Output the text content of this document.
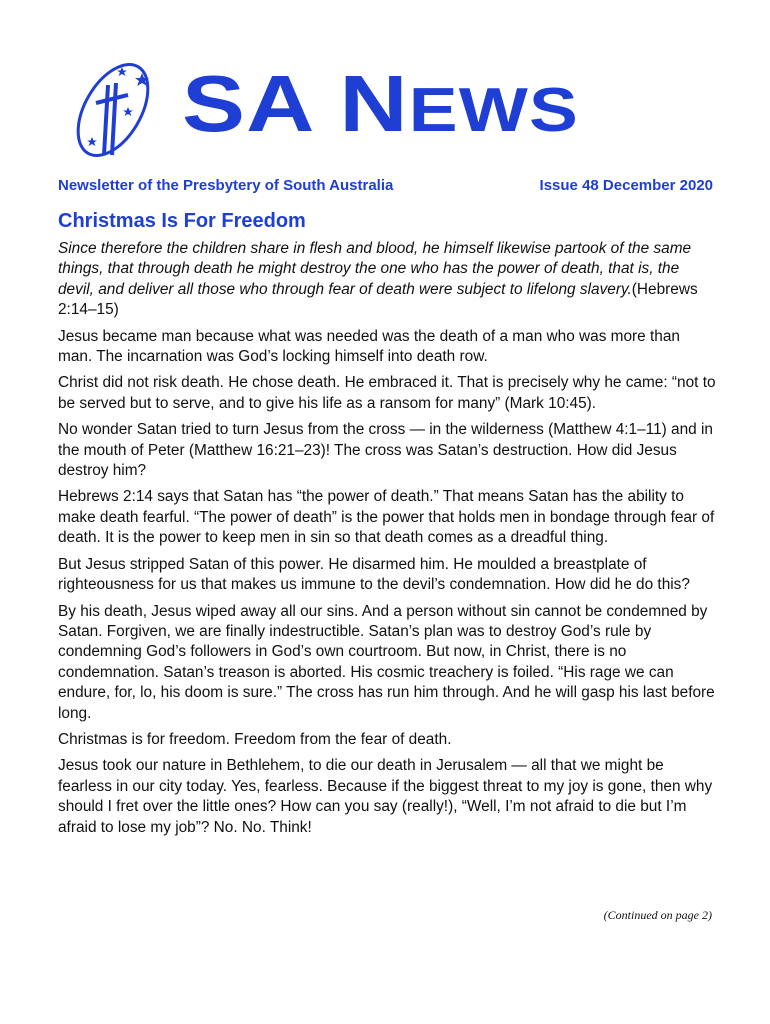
SA NEWS
Newsletter of the Presbytery of South Australia	Issue 48 December 2020
Christmas Is For Freedom

Since therefore the children share in flesh and blood, he himself likewise partook of the same things, that through death he might destroy the one who has the power of death, that is, the devil, and deliver all those who through fear of death were subject to lifelong slavery.(Hebrews 2:14–15)

Jesus became man because what was needed was the death of a man who was more than man. The incarnation was God’s locking himself into death row.

Christ did not risk death. He chose death. He embraced it. That is precisely why he came: “not to be served but to serve, and to give his life as a ransom for many” (Mark 10:45).

No wonder Satan tried to turn Jesus from the cross — in the wilderness (Matthew 4:1–11) and in the mouth of Peter (Matthew 16:21–23)! The cross was Satan’s destruction. How did Jesus destroy him?

Hebrews 2:14 says that Satan has “the power of death.” That means Satan has the ability to make death fearful. “The power of death” is the power that holds men in bondage through fear of death. It is the power to keep men in sin so that death comes as a dreadful thing.

But Jesus stripped Satan of this power. He disarmed him. He moulded a breastplate of righteousness for us that makes us immune to the devil’s condemnation. How did he do this?

By his death, Jesus wiped away all our sins. And a person without sin cannot be condemned by Satan. Forgiven, we are finally indestructible. Satan’s plan was to destroy God’s rule by condemning God’s followers in God’s own courtroom. But now, in Christ, there is no condemnation. Satan’s treason is aborted. His cosmic treachery is foiled. “His rage we can endure, for, lo, his doom is sure.” The cross has run him through. And he will gasp his last before long.

Christmas is for freedom. Freedom from the fear of death.

Jesus took our nature in Bethlehem, to die our death in Jerusalem — all that we might be fearless in our city today. Yes, fearless. Because if the biggest threat to my joy is gone, then why should I fret over the little ones? How can you say (really!), “Well, I’m not afraid to die but I’m afraid to lose my job”? No. No. Think!

(Continued on page 2)
